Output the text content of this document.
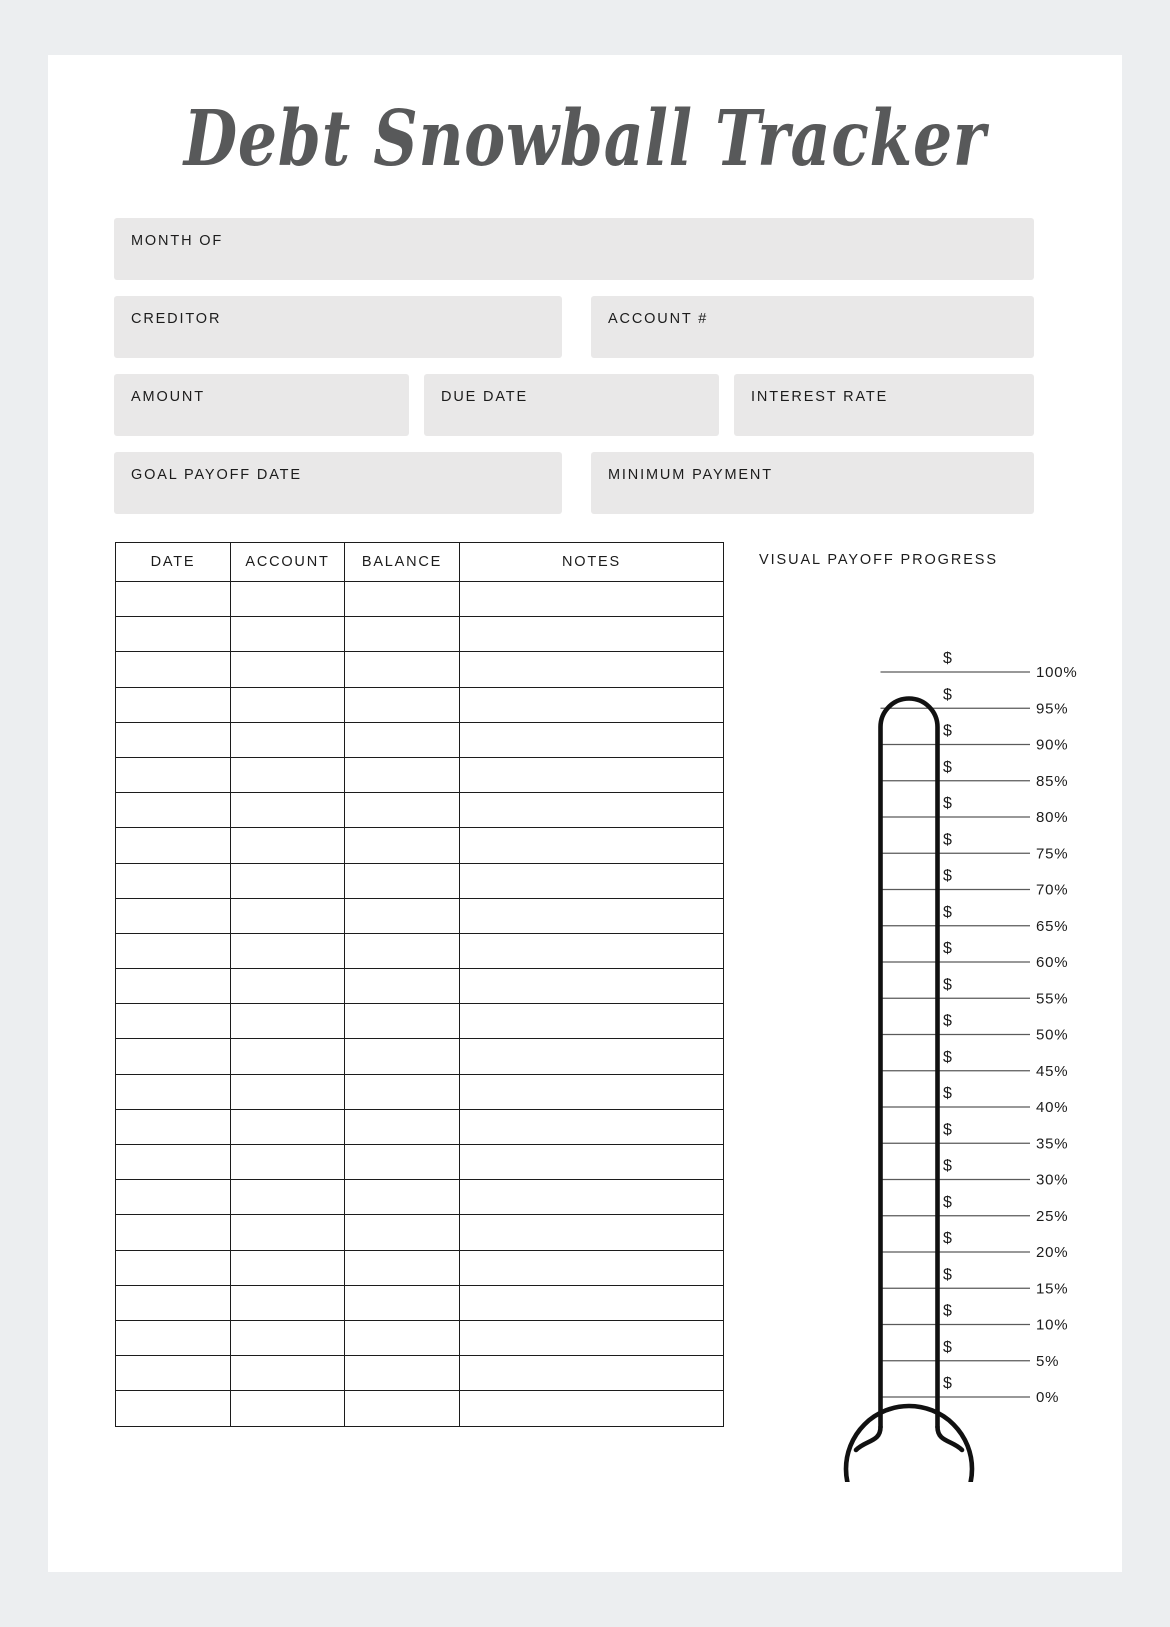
Debt Snowball Tracker
MONTH OF
CREDITOR	ACCOUNT #
AMOUNT	DUE DATE	INTEREST RATE
GOAL PAYOFF DATE	MINIMUM PAYMENT
DATE	ACCOUNT	BALANCE	NOTES

				VISUAL PAYOFF PROGRESS
100%
$
95%
$
90%
$
85%
$
80%
$
75%
$
70%
$
65%
$
60%
$
55%
$
50%
$
45%
$
40%
$
35%
$
30%
$
25%
$
20%
$
15%
$
10%
$
5%
$
0%
$
